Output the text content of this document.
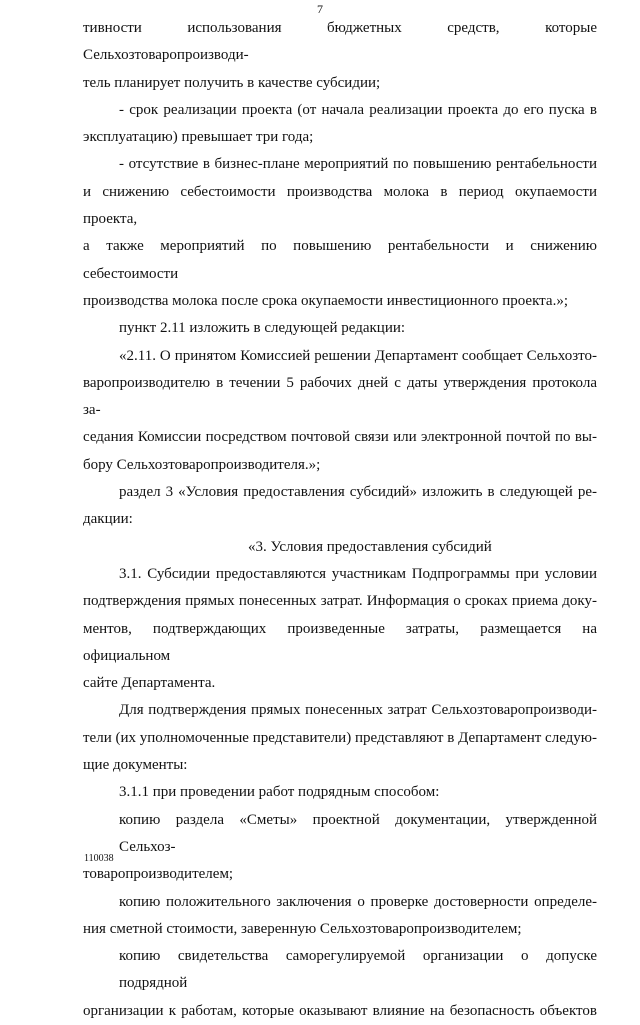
7
тивности использования бюджетных средств, которые Сельхозтоваропроизводи-
тель планирует получить в качестве субсидии;
- срок реализации проекта (от начала реализации проекта до его пуска в
эксплуатацию) превышает три года;
- отсутствие в бизнес-плане мероприятий по повышению рентабельности
и снижению себестоимости производства молока в период окупаемости проекта,
а также мероприятий по повышению рентабельности и снижению себестоимости
производства молока после срока окупаемости инвестиционного проекта.»;
пункт 2.11 изложить в следующей редакции:
«2.11. О принятом Комиссией решении Департамент сообщает Сельхозто-
варопроизводителю в течении 5 рабочих дней с даты утверждения протокола за-
седания Комиссии посредством почтовой связи или электронной почтой по вы-
бору Сельхозтоваропроизводителя.»;
раздел 3 «Условия предоставления субсидий» изложить в следующей ре-
дакции:
«3. Условия предоставления субсидий
3.1. Субсидии предоставляются участникам Подпрограммы при условии
подтверждения прямых понесенных затрат. Информация о сроках приема доку-
ментов, подтверждающих произведенные затраты, размещается на официальном
сайте Департамента.
Для подтверждения прямых понесенных затрат Сельхозтоваропроизводи-
тели (их уполномоченные представители) представляют в Департамент следую-
щие документы:
3.1.1 при проведении работ подрядным способом:
копию раздела «Сметы» проектной документации, утвержденной Сельхоз-
товаропроизводителем;
копию положительного заключения о проверке достоверности определе-
ния сметной стоимости, заверенную Сельхозтоваропроизводителем;
копию свидетельства саморегулируемой организации о допуске подрядной
организации к работам, которые оказывают влияние на безопасность объектов
110038
